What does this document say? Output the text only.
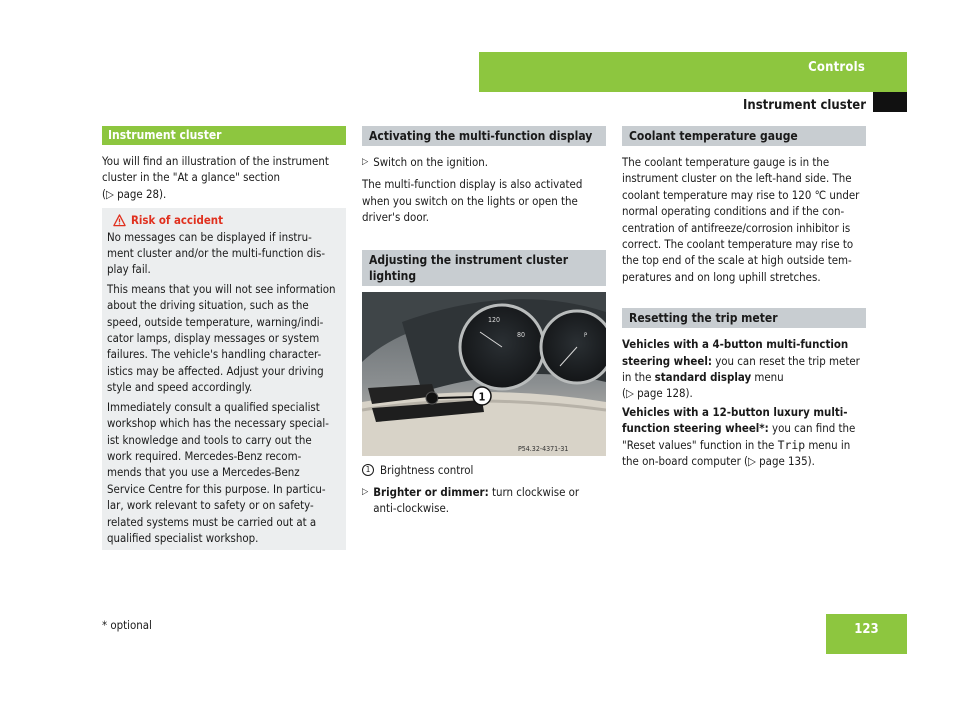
Controls
Instrument cluster
Instrument cluster

You will find an illustration of the instrument
cluster in the "At a glance" section
(▷ page 28).

Risk of accident

No messages can be displayed if instru-
ment cluster and/or the multi-function dis-
play fail.

This means that you will not see information
about the driving situation, such as the
speed, outside temperature, warning/indi-
cator lamps, display messages or system
failures. The vehicle's handling character-
istics may be affected. Adjust your driving
style and speed accordingly.

Immediately consult a qualified specialist
workshop which has the necessary special-
ist knowledge and tools to carry out the
work required. Mercedes-Benz recom-
mends that you use a Mercedes-Benz
Service Centre for this purpose. In particu-
lar, work relevant to safety or on safety-
related systems must be carried out at a
qualified specialist workshop.

Activating the multi-function display
▷ Switch on the ignition.

The multi-function display is also activated
when you switch on the lights or open the
driver's door.

Adjusting the instrument cluster
lighting
120
80	P
1
P54.32-4371-31
1 Brightness control
▷ Brighter or dimmer: turn clockwise or
anti-clockwise.
Coolant temperature gauge

The coolant temperature gauge is in the
instrument cluster on the left-hand side. The
coolant temperature may rise to 120 ℃ under
normal operating conditions and if the con-
centration of antifreeze/corrosion inhibitor is
correct. The coolant temperature may rise to
the top end of the scale at high outside tem-
peratures and on long uphill stretches.

Resetting the trip meter

Vehicles with a 4-button multi-function
steering wheel: you can reset the trip meter
in the standard display menu
(▷ page 128).

Vehicles with a 12-button luxury multi-
function steering wheel*: you can find the
"Reset values" function in the Trip menu in
the on-board computer (▷ page 135).

* optional	123
